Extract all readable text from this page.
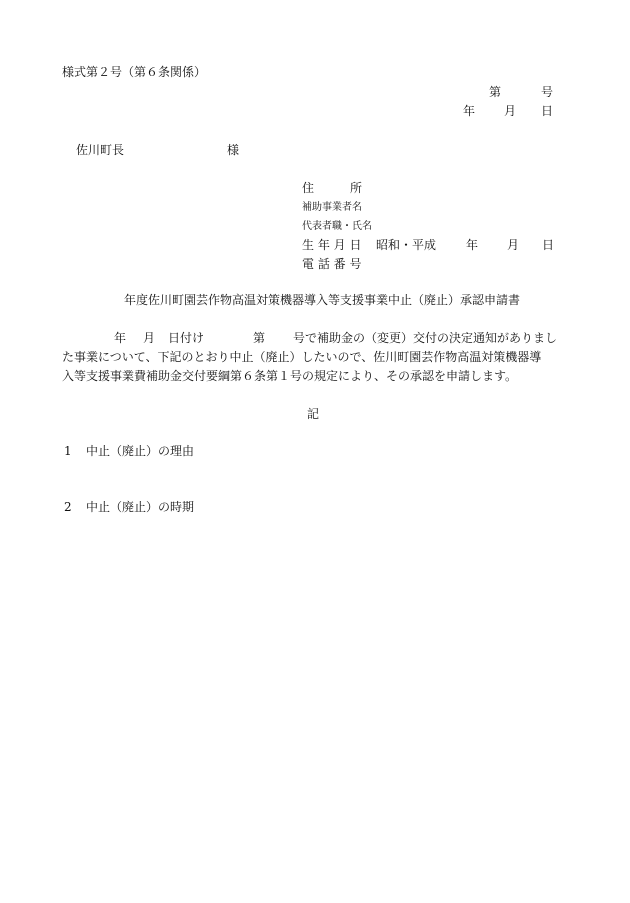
様式第２号（第６条関係）
第	号
年 月 日
佐川町長	様
住　　　所
補助事業者名
代表者職・氏名
生 年 月 日 昭和・平成 年 月 日
電 話 番 号
年度佐川町園芸作物高温対策機器導入等支援事業中止（廃止）承認申請書
年 月 日付け	第 号で補助金の（変更）交付の決定通知がありまし
た事業について、下記のとおり中止（廃止）したいので、佐川町園芸作物高温対策機器導
入等支援事業費補助金交付要綱第６条第１号の規定により、その承認を申請します。
記
1 中止（廃止）の理由
2 中止（廃止）の時期
